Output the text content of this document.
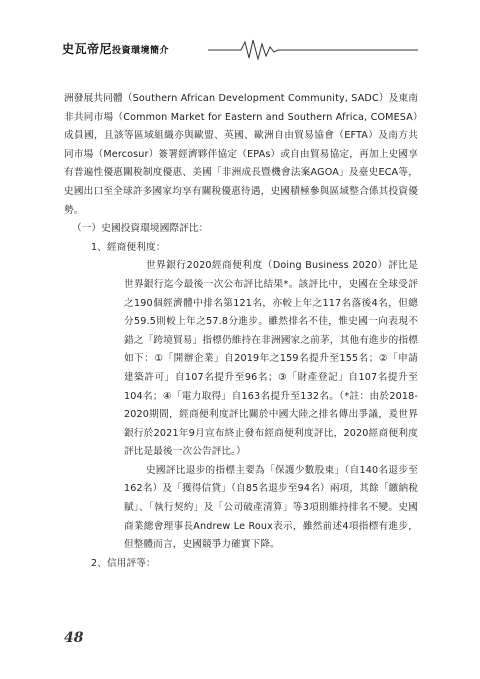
史瓦帝尼投資環境簡介

洲發展共同體（Southern African Development Community, SADC）及東南非共同市場（Common Market for Eastern and Southern Africa, COMESA）成員國，且該等區域組織亦與歐盟、英國、歐洲自由貿易協會（EFTA）及南方共同市場（Mercosur）簽署經濟夥伴協定（EPAs）或自由貿易協定，再加上史國享有普遍性優惠關稅制度優惠、美國「非洲成長暨機會法案AGOA」及臺史ECA等，史國出口至全球許多國家均享有關稅優惠待遇，史國積極參與區域整合係其投資優勢。

（一）史國投資環境國際評比：

1、經商便利度：

世界銀行2020經商便利度（Doing Business 2020）評比是世界銀行迄今最後一次公布評比結果*。該評比中，史國在全球受評之190個經濟體中排名第121名，亦較上年之117名落後4名，但總分59.5則較上年之57.8分進步。雖然排名不佳，惟史國一向表現不錯之「跨境貿易」指標仍維持在非洲國家之前茅，其他有進步的指標如下：①「開辦企業」自2019年之159名提升至155名；②「申請建築許可」自107名提升至96名；③「財產登記」自107名提升至104名；④「電力取得」自163名提升至132名。（*註：由於2018-2020期間，經商便利度評比關於中國大陸之排名傳出爭議，爰世界銀行於2021年9月宣布終止發布經商便利度評比，2020經商便利度評比是最後一次公告評比。）

史國評比退步的指標主要為「保護少數股東」（自140名退步至162名）及「獲得信貸」（自85名退步至94名）兩項，其餘「繳納稅賦」、「執行契約」及「公司破產清算」等3項則維持排名不變。史國商業總會理事長Andrew Le Roux表示，雖然前述4項指標有進步，但整體而言，史國競爭力確實下降。

2、信用評等：

48
